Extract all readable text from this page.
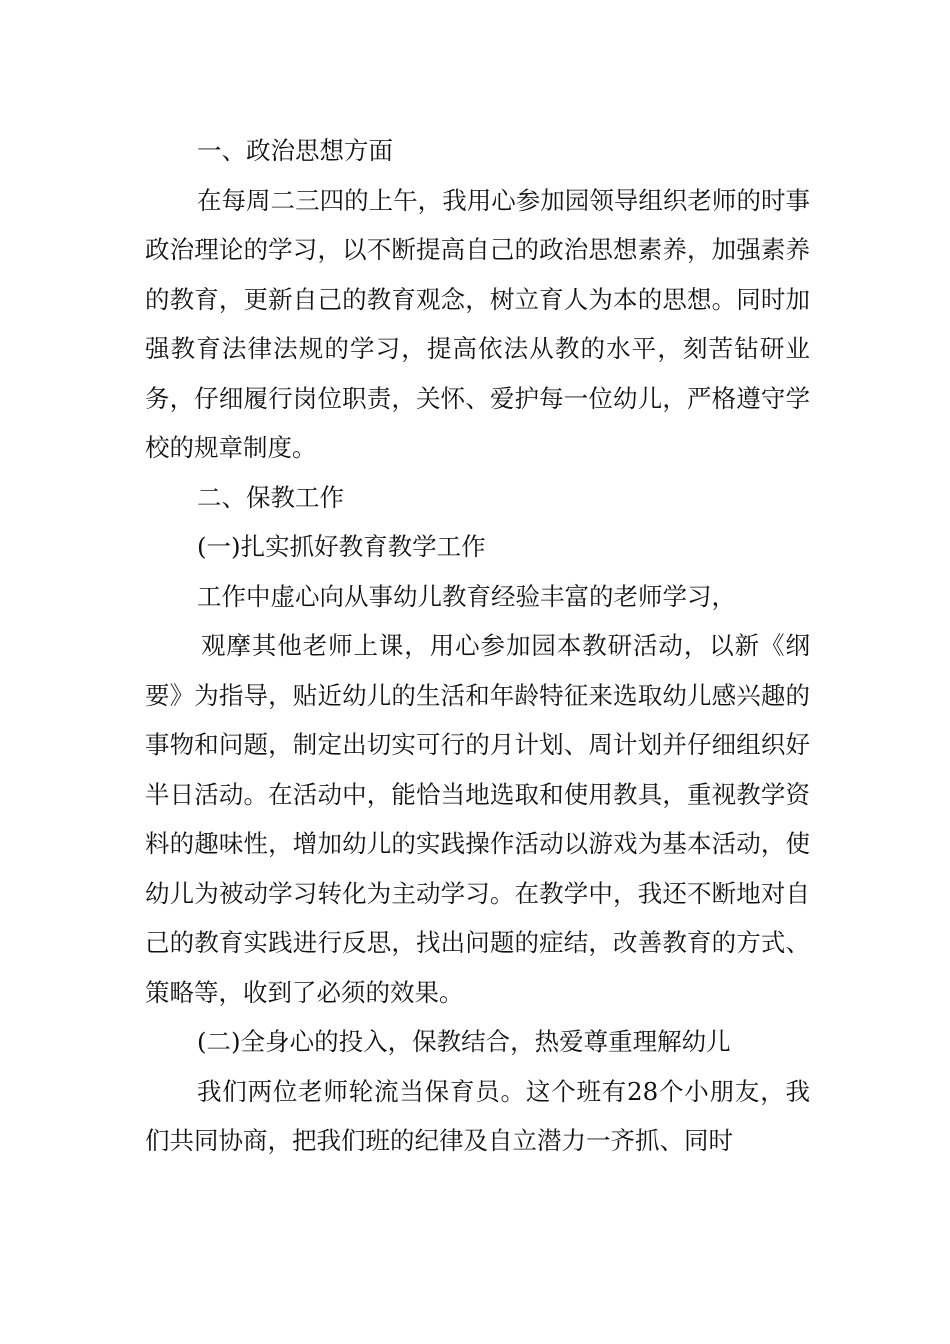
一、政治思想方面

在每周二三四的上午，我用心参加园领导组织老师的时事政治理论的学习，以不断提高自己的政治思想素养，加强素养的教育，更新自己的教育观念，树立育人为本的思想。同时加强教育法律法规的学习，提高依法从教的水平，刻苦钻研业务，仔细履行岗位职责，关怀、爱护每一位幼儿，严格遵守学校的规章制度。

二、保教工作

(一)扎实抓好教育教学工作

工作中虚心向从事幼儿教育经验丰富的老师学习，

观摩其他老师上课，用心参加园本教研活动，以新《纲要》为指导，贴近幼儿的生活和年龄特征来选取幼儿感兴趣的事物和问题，制定出切实可行的月计划、周计划并仔细组织好半日活动。在活动中，能恰当地选取和使用教具，重视教学资料的趣味性，增加幼儿的实践操作活动以游戏为基本活动，使幼儿为被动学习转化为主动学习。在教学中，我还不断地对自己的教育实践进行反思，找出问题的症结，改善教育的方式、策略等，收到了必须的效果。

(二)全身心的投入，保教结合，热爱尊重理解幼儿

我们两位老师轮流当保育员。这个班有28个小朋友，我们共同协商，把我们班的纪律及自立潜力一齐抓、同时
